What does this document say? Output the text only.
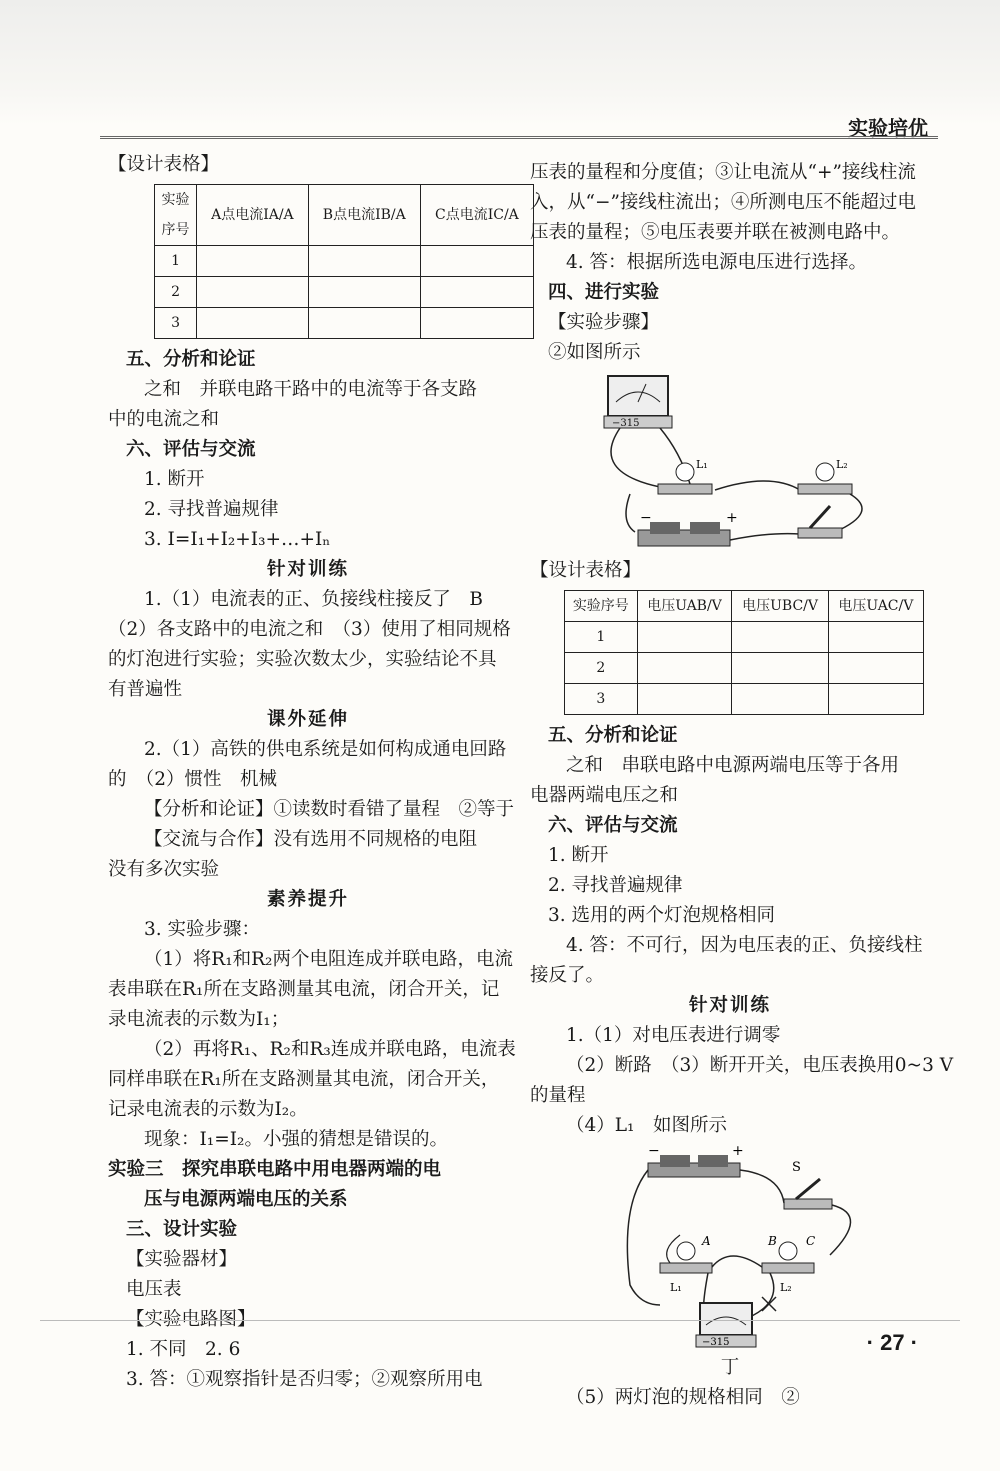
实验培优
【设计表格】
实验
序号	A点电流IA/A	B点电流IB/A	C点电流IC/A
1			
2			
3			
五、分析和论证
之和　并联电路干路中的电流等于各支路
中的电流之和
六、评估与交流
1. 断开
2. 寻找普遍规律
3. I=I₁+I₂+I₃+…+Iₙ
针对训练
1.（1）电流表的正、负接线柱接反了　B
（2）各支路中的电流之和　（3）使用了相同规格
的灯泡进行实验；实验次数太少，实验结论不具
有普遍性
课外延伸
2.（1）高铁的供电系统是如何构成通电回路
的　（2）惯性　机械
【分析和论证】①读数时看错了量程　②等于
【交流与合作】没有选用不同规格的电阻
没有多次实验
素养提升
3. 实验步骤：
（1）将R₁和R₂两个电阻连成并联电路，电流
表串联在R₁所在支路测量其电流，闭合开关，记
录电流表的示数为I₁；
（2）再将R₁、R₂和R₃连成并联电路，电流表
同样串联在R₁所在支路测量其电流，闭合开关，
记录电流表的示数为I₂。
现象：I₁=I₂。小强的猜想是错误的。
实验三　探究串联电路中用电器两端的电
压与电源两端电压的关系
三、设计实验
【实验器材】
电压表
【实验电路图】
1. 不同　2. 6
3. 答：①观察指针是否归零；②观察所用电
压表的量程和分度值；③让电流从“+”接线柱流
入，从“−”接线柱流出；④所测电压不能超过电
压表的量程；⑤电压表要并联在被测电路中。
4. 答：根据所选电源电压进行选择。
四、进行实验
【实验步骤】
②如图所示
−315
L₁	L₂
−	+
【设计表格】
实验序号	电压UAB/V	电压UBC/V	电压UAC/V
1			
2			
3			
五、分析和论证
之和　串联电路中电源两端电压等于各用
电器两端电压之和
六、评估与交流
1. 断开
2. 寻找普遍规律
3. 选用的两个灯泡规格相同
4. 答：不可行，因为电压表的正、负接线柱
接反了。
针对训练
1.（1）对电压表进行调零
（2）断路　（3）断开开关，电压表换用0~3 V
的量程
（4）L₁　如图所示
−	+
S
A
L₁
B C
L₂
−315
丁
（5）两灯泡的规格相同　②
· 27 ·
